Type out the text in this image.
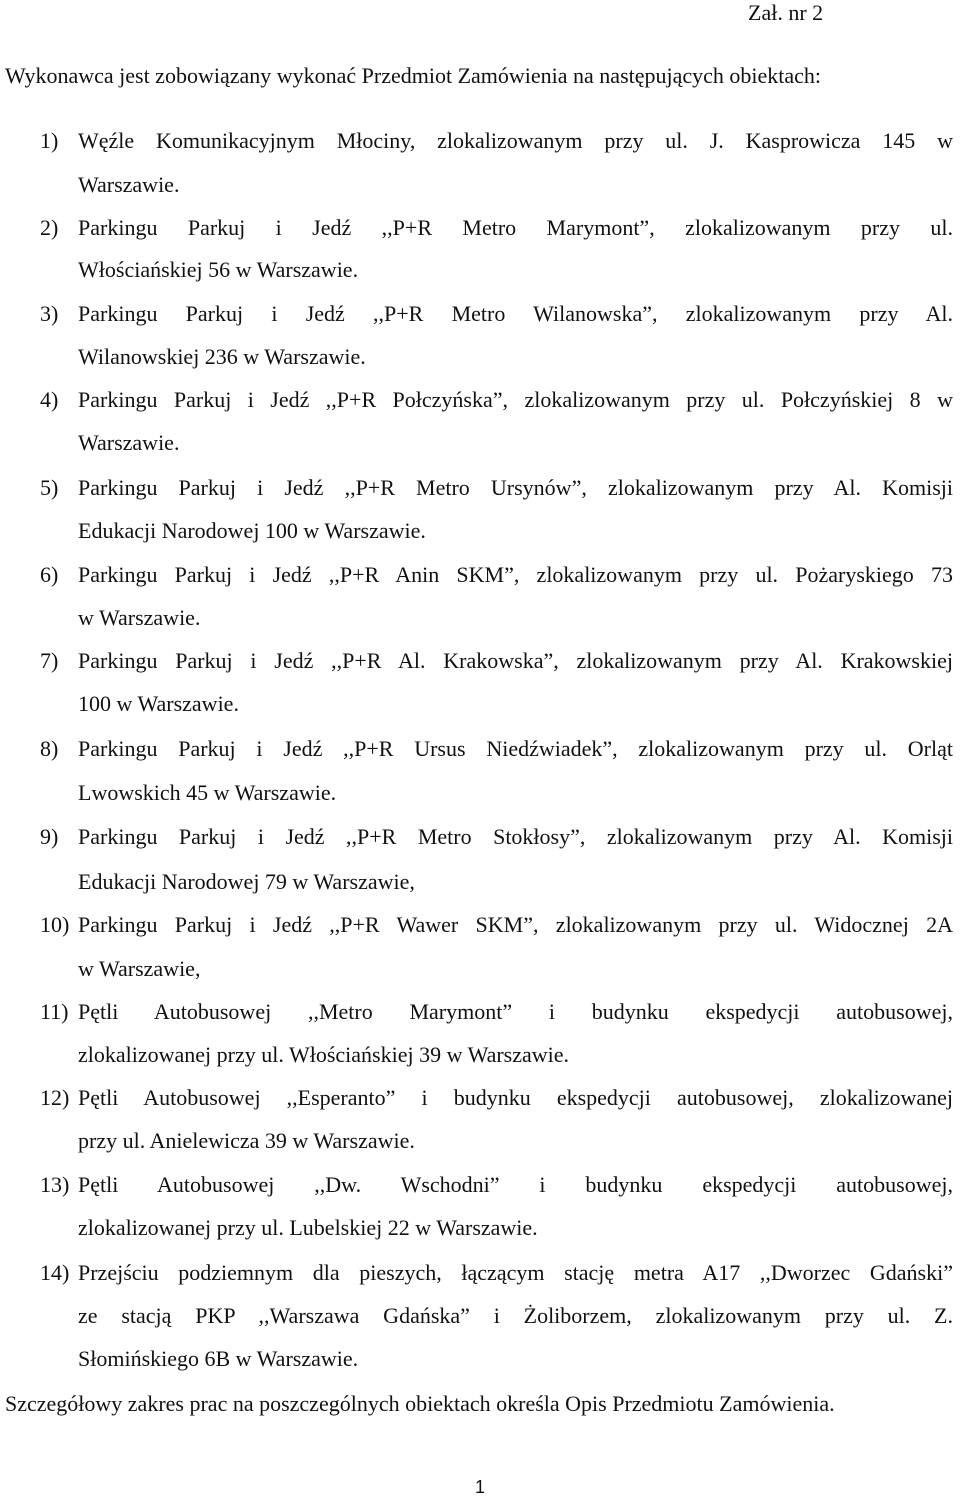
Zał. nr 2
Wykonawca jest zobowiązany wykonać Przedmiot Zamówienia na następujących obiektach:
1) Węźle Komunikacyjnym Młociny, zlokalizowanym przy ul. J. Kasprowicza 145 w
Warszawie.
2) Parkingu Parkuj i Jedź ,,P+R Metro Marymont”, zlokalizowanym przy ul.
Włościańskiej 56 w Warszawie.
3) Parkingu Parkuj i Jedź ,,P+R Metro Wilanowska”, zlokalizowanym przy Al.
Wilanowskiej 236 w Warszawie.
4) Parkingu Parkuj i Jedź ,,P+R Połczyńska”, zlokalizowanym przy ul. Połczyńskiej 8 w
Warszawie.
5) Parkingu Parkuj i Jedź ,,P+R Metro Ursynów”, zlokalizowanym przy Al. Komisji
Edukacji Narodowej 100 w Warszawie.
6) Parkingu Parkuj i Jedź ,,P+R Anin SKM”, zlokalizowanym przy ul. Pożaryskiego 73
w Warszawie.
7) Parkingu Parkuj i Jedź ,,P+R Al. Krakowska”, zlokalizowanym przy Al. Krakowskiej
100 w Warszawie.
8) Parkingu Parkuj i Jedź ,,P+R Ursus Niedźwiadek”, zlokalizowanym przy ul. Orląt
Lwowskich 45 w Warszawie.
9) Parkingu Parkuj i Jedź ,,P+R Metro Stokłosy”, zlokalizowanym przy Al. Komisji
Edukacji Narodowej 79 w Warszawie,
10) Parkingu Parkuj i Jedź ,,P+R Wawer SKM”, zlokalizowanym przy ul. Widocznej 2A
w Warszawie,
11) Pętli Autobusowej ,,Metro Marymont” i budynku ekspedycji autobusowej,
zlokalizowanej przy ul. Włościańskiej 39 w Warszawie.
12) Pętli Autobusowej ,,Esperanto” i budynku ekspedycji autobusowej, zlokalizowanej
przy ul. Anielewicza 39 w Warszawie.
13) Pętli Autobusowej ,,Dw. Wschodni” i budynku ekspedycji autobusowej,
zlokalizowanej przy ul. Lubelskiej 22 w Warszawie.
14) Przejściu podziemnym dla pieszych, łączącym stację metra A17 ,,Dworzec Gdański”
ze stacją PKP ,,Warszawa Gdańska” i Żoliborzem, zlokalizowanym przy ul. Z.
Słomińskiego 6B w Warszawie.
Szczegółowy zakres prac na poszczególnych obiektach określa Opis Przedmiotu Zamówienia.
1
